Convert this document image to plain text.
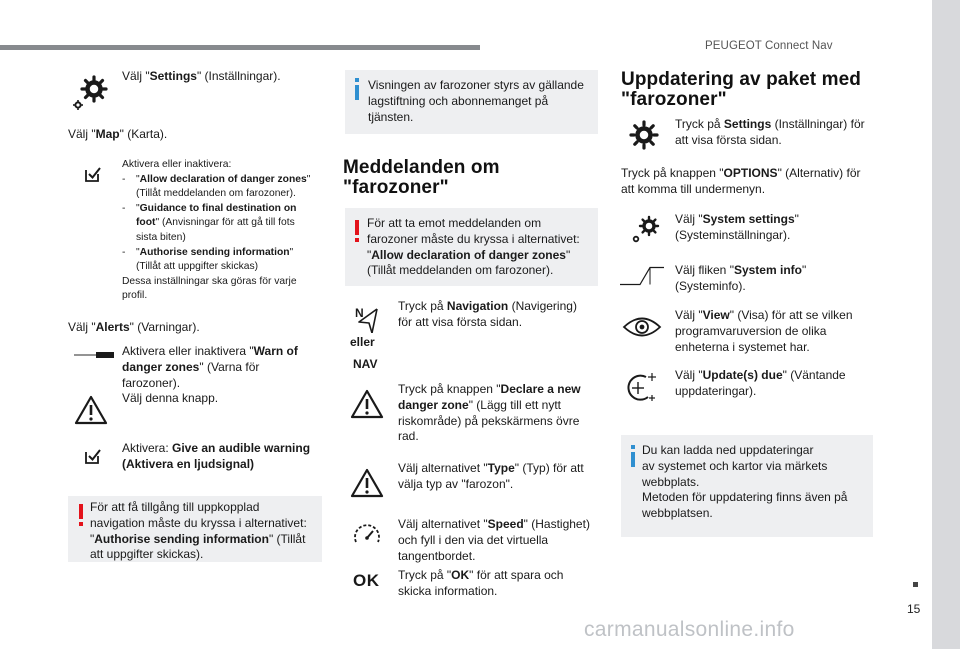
PEUGEOT Connect Nav
15
carmanualsonline.info
Välj "Settings" (Inställningar).
Välj "Map" (Karta).
Aktivera eller inaktivera:
- "Allow declaration of danger zones"
(Tillåt meddelanden om farozoner).
- "Guidance to final destination on foot" (Anvisningar för att gå till fots sista biten)
- "Authorise sending information"
(Tillåt att uppgifter skickas)
Dessa inställningar ska göras för varje
profil.
Välj "Alerts" (Varningar).
Aktivera eller inaktivera "Warn of danger zones" (Varna för farozoner).
Välj denna knapp.
Aktivera: Give an audible warning (Aktivera en ljudsignal)
För att få tillgång till uppkopplad
navigation måste du kryssa i alternativet:
"Authorise sending information" (Tillåt
att uppgifter skickas).
Visningen av farozoner styrs av gällande
lagstiftning och abonnemanget på
tjänsten.
Meddelanden om
"farozoner"
För att ta emot meddelanden om
farozoner måste du kryssa i alternativet:
"Allow declaration of danger zones"
(Tillåt meddelanden om farozoner).
N
eller
NAV
Tryck på Navigation (Navigering) för att visa första sidan.
Tryck på knappen "Declare a new danger zone" (Lägg till ett nytt riskområde) på pekskärmens övre rad.
Välj alternativet "Type" (Typ) för att välja typ av "farozon".
Välj alternativet "Speed" (Hastighet) och fyll i den via det virtuella tangentbordet.
OK Tryck på "OK" för att spara och skicka information.
Uppdatering av paket med
"farozoner"
Tryck på Settings (Inställningar) för att visa första sidan.
Tryck på knappen "OPTIONS" (Alternativ) för att komma till undermenyn.
Välj "System settings" (Systeminställningar).
Välj fliken "System info" (Systeminfo).
Välj "View" (Visa) för att se vilken programvaruversion de olika enheterna i systemet har.
Välj "Update(s) due" (Väntande uppdateringar).
Du kan ladda ned uppdateringar
av systemet och kartor via märkets
webbplats.
Metoden för uppdatering finns även på
webbplatsen.
